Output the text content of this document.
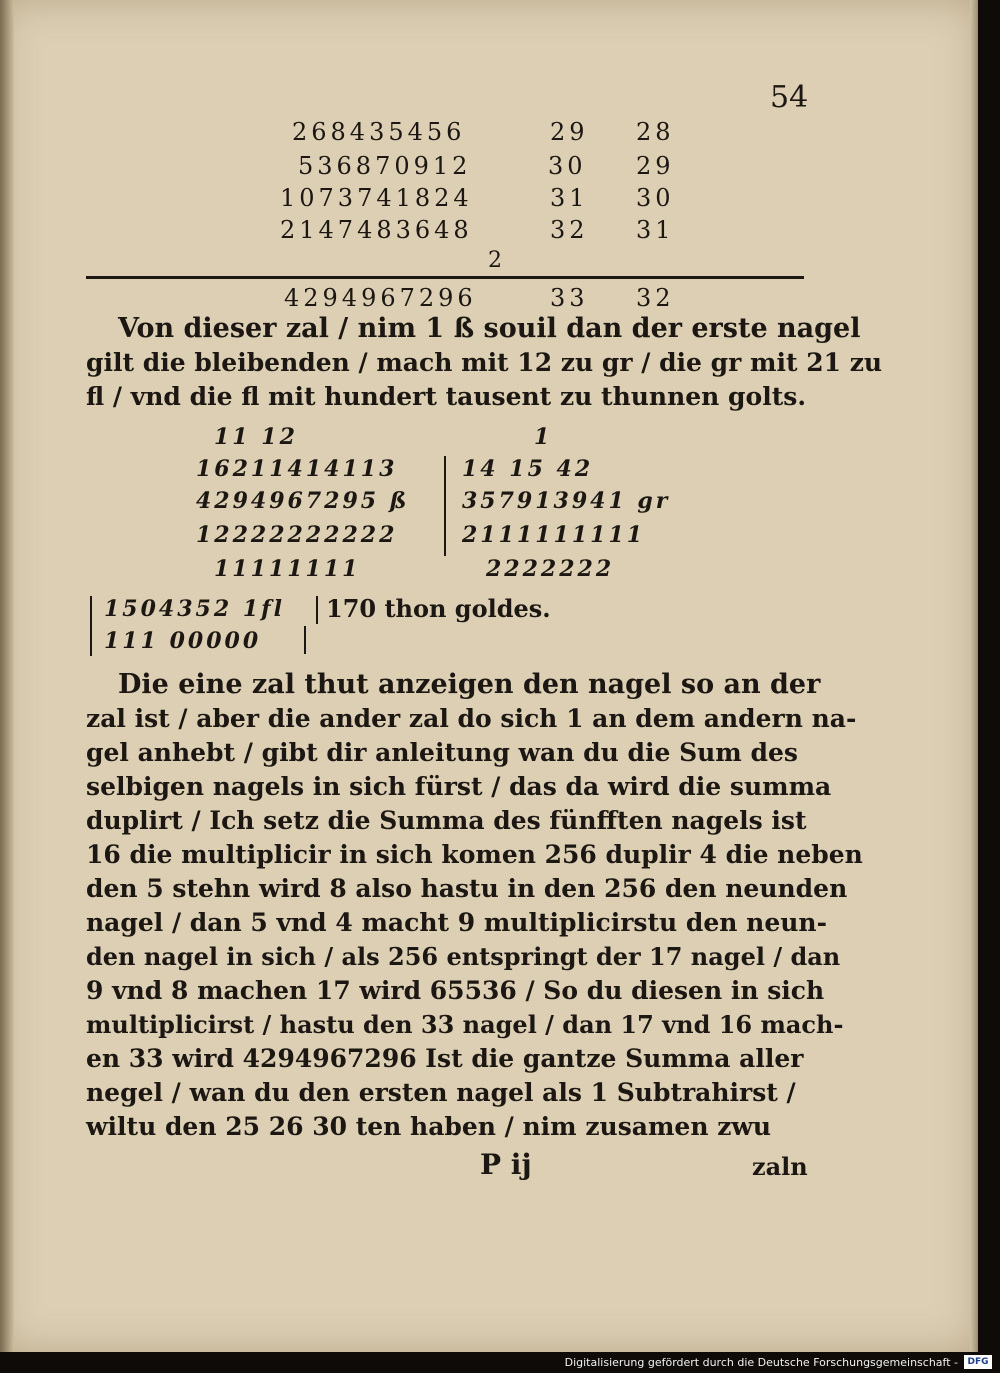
54
268435456	29 28
536870912	30 29
1073741824	31 30
2147483648	32 31
2
4294967296	33 32
Von dieser zal / nim 1 ß souil dan der erste nagel
gilt die bleibenden / mach mit 12 zu gr / die gr mit 21 zu
fl / vnd die fl mit hundert tausent zu thunnen golts.
11 12	1
16211414113	14 15 42
4294967295 ß 357913941 gr
12222222222	2111111111
11111111	2222222
1504352 1fl 170 thon goldes.
111 00000
Die eine zal thut anzeigen den nagel so an der
zal ist / aber die ander zal do sich 1 an dem andern na-
gel anhebt / gibt dir anleitung wan du die Sum des
selbigen nagels in sich fürst / das da wird die summa
duplirt / Ich setz die Summa des fünfften nagels ist
16 die multiplicir in sich komen 256 duplir 4 die neben
den 5 stehn wird 8 also hastu in den 256 den neunden
nagel / dan 5 vnd 4 macht 9 multiplicirstu den neun-
den nagel in sich / als 256 entspringt der 17 nagel / dan
9 vnd 8 machen 17 wird 65536 / So du diesen in sich
multiplicirst / hastu den 33 nagel / dan 17 vnd 16 mach-
en 33 wird 4294967296 Ist die gantze Summa aller
negel / wan du den ersten nagel als 1 Subtrahirst /
wiltu den 25 26 30 ten haben / nim zusamen zwu
P ij	zaln
Digitalisierung gefördert durch die Deutsche Forschungsgemeinschaft -	DFG
